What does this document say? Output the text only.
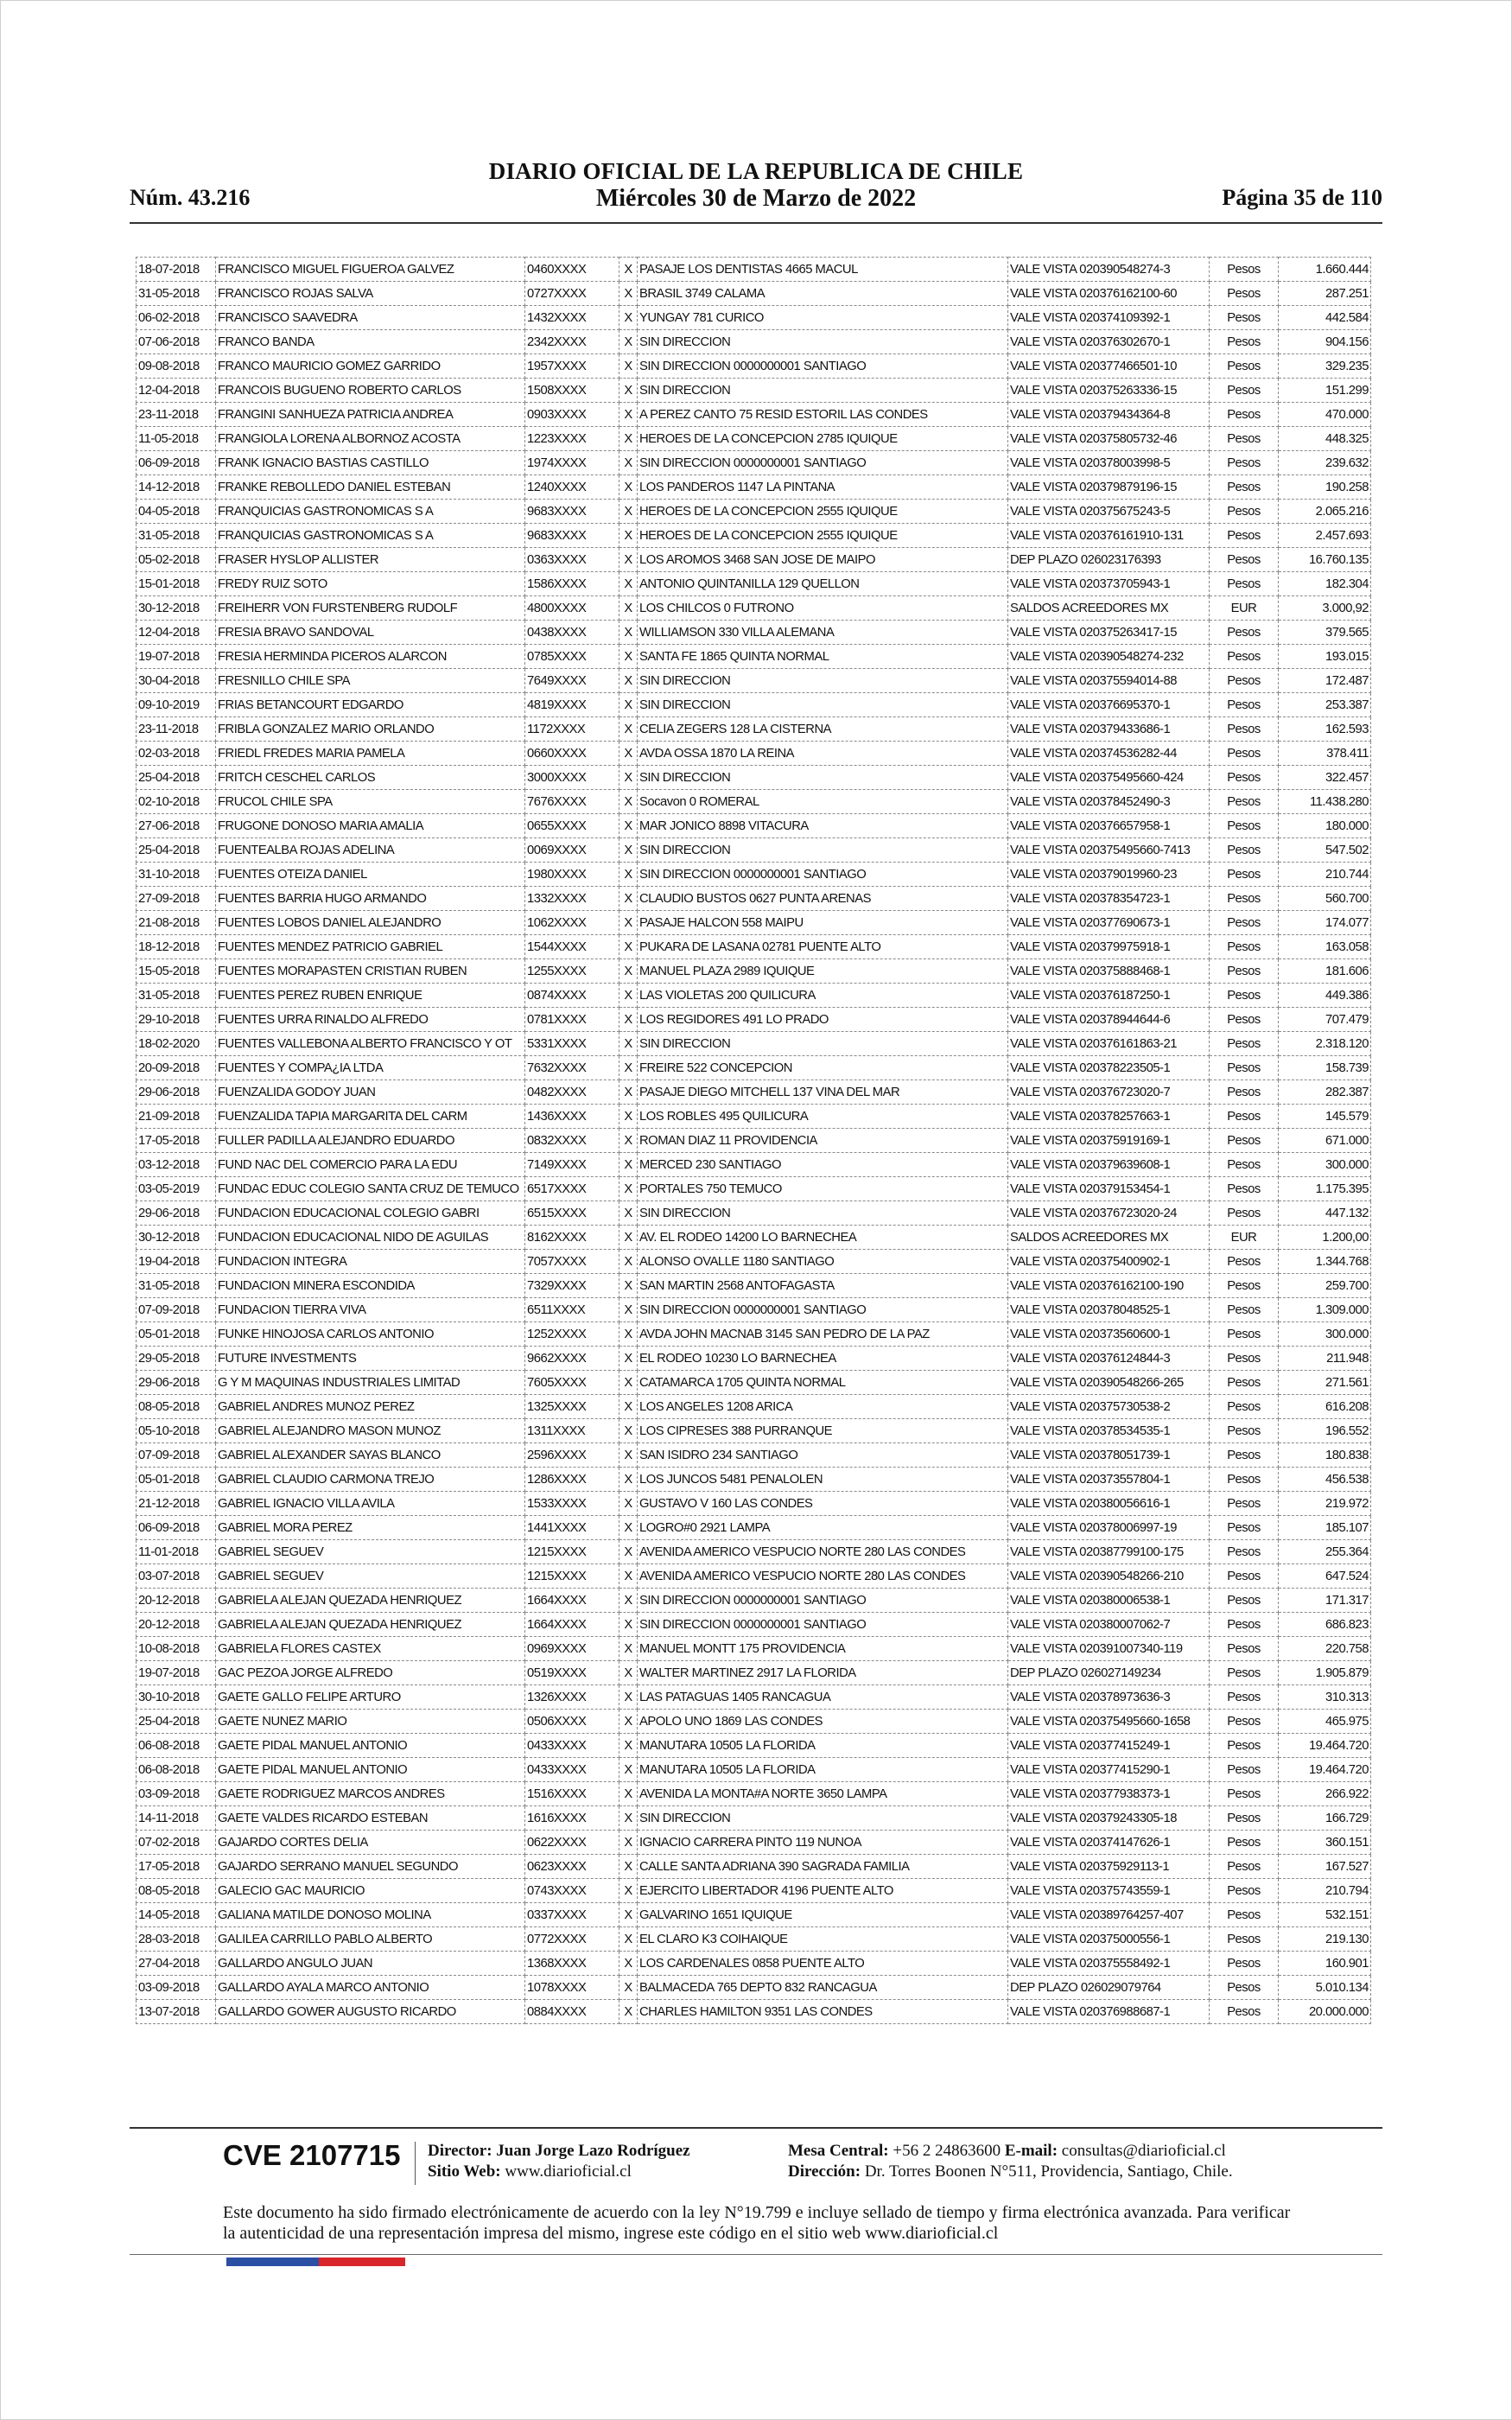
Núm. 43.216
DIARIO OFICIAL DE LA REPUBLICA DE CHILE
Miércoles 30 de Marzo de 2022	Página 35 de 110
18-07-2018	FRANCISCO MIGUEL FIGUEROA GALVEZ	0460XXXX	X	PASAJE LOS DENTISTAS 4665 MACUL	VALE VISTA 020390548274-3	Pesos	1.660.444
31-05-2018	FRANCISCO ROJAS SALVA	0727XXXX	X	BRASIL 3749 CALAMA	VALE VISTA 020376162100-60	Pesos	287.251
06-02-2018	FRANCISCO SAAVEDRA	1432XXXX	X	YUNGAY 781 CURICO	VALE VISTA 020374109392-1	Pesos	442.584
07-06-2018	FRANCO BANDA	2342XXXX	X	SIN DIRECCION	VALE VISTA 020376302670-1	Pesos	904.156
09-08-2018	FRANCO MAURICIO GOMEZ GARRIDO	1957XXXX	X	SIN DIRECCION 0000000001 SANTIAGO	VALE VISTA 020377466501-10	Pesos	329.235
12-04-2018	FRANCOIS BUGUENO ROBERTO CARLOS	1508XXXX	X	SIN DIRECCION	VALE VISTA 020375263336-15	Pesos	151.299
23-11-2018	FRANGINI SANHUEZA PATRICIA ANDREA	0903XXXX	X	A PEREZ CANTO 75 RESID ESTORIL LAS CONDES	VALE VISTA 020379434364-8	Pesos	470.000
11-05-2018	FRANGIOLA LORENA ALBORNOZ ACOSTA	1223XXXX	X	HEROES DE LA CONCEPCION 2785 IQUIQUE	VALE VISTA 020375805732-46	Pesos	448.325
06-09-2018	FRANK IGNACIO BASTIAS CASTILLO	1974XXXX	X	SIN DIRECCION 0000000001 SANTIAGO	VALE VISTA 020378003998-5	Pesos	239.632
14-12-2018	FRANKE REBOLLEDO DANIEL ESTEBAN	1240XXXX	X	LOS PANDEROS 1147 LA PINTANA	VALE VISTA 020379879196-15	Pesos	190.258
04-05-2018	FRANQUICIAS GASTRONOMICAS S A	9683XXXX	X	HEROES DE LA CONCEPCION 2555 IQUIQUE	VALE VISTA 020375675243-5	Pesos	2.065.216
31-05-2018	FRANQUICIAS GASTRONOMICAS S A	9683XXXX	X	HEROES DE LA CONCEPCION 2555 IQUIQUE	VALE VISTA 020376161910-131	Pesos	2.457.693
05-02-2018	FRASER HYSLOP ALLISTER	0363XXXX	X	LOS AROMOS 3468 SAN JOSE DE MAIPO	DEP PLAZO 026023176393	Pesos	16.760.135
15-01-2018	FREDY RUIZ SOTO	1586XXXX	X	ANTONIO QUINTANILLA 129 QUELLON	VALE VISTA 020373705943-1	Pesos	182.304
30-12-2018	FREIHERR VON FURSTENBERG RUDOLF	4800XXXX	X	LOS CHILCOS 0 FUTRONO	SALDOS ACREEDORES MX	EUR	3.000,92
12-04-2018	FRESIA BRAVO SANDOVAL	0438XXXX	X	WILLIAMSON 330 VILLA ALEMANA	VALE VISTA 020375263417-15	Pesos	379.565
19-07-2018	FRESIA HERMINDA PICEROS ALARCON	0785XXXX	X	SANTA FE 1865 QUINTA NORMAL	VALE VISTA 020390548274-232	Pesos	193.015
30-04-2018	FRESNILLO CHILE SPA	7649XXXX	X	SIN DIRECCION	VALE VISTA 020375594014-88	Pesos	172.487
09-10-2019	FRIAS BETANCOURT EDGARDO	4819XXXX	X	SIN DIRECCION	VALE VISTA 020376695370-1	Pesos	253.387
23-11-2018	FRIBLA GONZALEZ MARIO ORLANDO	1172XXXX	X	CELIA ZEGERS 128 LA CISTERNA	VALE VISTA 020379433686-1	Pesos	162.593
02-03-2018	FRIEDL FREDES MARIA PAMELA	0660XXXX	X	AVDA OSSA 1870 LA REINA	VALE VISTA 020374536282-44	Pesos	378.411
25-04-2018	FRITCH CESCHEL CARLOS	3000XXXX	X	SIN DIRECCION	VALE VISTA 020375495660-424	Pesos	322.457
02-10-2018	FRUCOL CHILE SPA	7676XXXX	X	Socavon 0 ROMERAL	VALE VISTA 020378452490-3	Pesos	11.438.280
27-06-2018	FRUGONE DONOSO MARIA AMALIA	0655XXXX	X	MAR JONICO 8898 VITACURA	VALE VISTA 020376657958-1	Pesos	180.000
25-04-2018	FUENTEALBA ROJAS ADELINA	0069XXXX	X	SIN DIRECCION	VALE VISTA 020375495660-7413	Pesos	547.502
31-10-2018	FUENTES OTEIZA DANIEL	1980XXXX	X	SIN DIRECCION 0000000001 SANTIAGO	VALE VISTA 020379019960-23	Pesos	210.744
27-09-2018	FUENTES BARRIA HUGO ARMANDO	1332XXXX	X	CLAUDIO BUSTOS 0627 PUNTA ARENAS	VALE VISTA 020378354723-1	Pesos	560.700
21-08-2018	FUENTES LOBOS DANIEL ALEJANDRO	1062XXXX	X	PASAJE HALCON 558 MAIPU	VALE VISTA 020377690673-1	Pesos	174.077
18-12-2018	FUENTES MENDEZ PATRICIO GABRIEL	1544XXXX	X	PUKARA DE LASANA 02781 PUENTE ALTO	VALE VISTA 020379975918-1	Pesos	163.058
15-05-2018	FUENTES MORAPASTEN CRISTIAN RUBEN	1255XXXX	X	MANUEL PLAZA 2989 IQUIQUE	VALE VISTA 020375888468-1	Pesos	181.606
31-05-2018	FUENTES PEREZ RUBEN ENRIQUE	0874XXXX	X	LAS VIOLETAS 200 QUILICURA	VALE VISTA 020376187250-1	Pesos	449.386
29-10-2018	FUENTES URRA RINALDO ALFREDO	0781XXXX	X	LOS REGIDORES 491 LO PRADO	VALE VISTA 020378944644-6	Pesos	707.479
18-02-2020	FUENTES VALLEBONA ALBERTO FRANCISCO Y OT	5331XXXX	X	SIN DIRECCION	VALE VISTA 020376161863-21	Pesos	2.318.120
20-09-2018	FUENTES Y COMPA¿IA LTDA	7632XXXX	X	FREIRE 522 CONCEPCION	VALE VISTA 020378223505-1	Pesos	158.739
29-06-2018	FUENZALIDA GODOY JUAN	0482XXXX	X	PASAJE DIEGO MITCHELL 137 VINA DEL MAR	VALE VISTA 020376723020-7	Pesos	282.387
21-09-2018	FUENZALIDA TAPIA MARGARITA DEL CARM	1436XXXX	X	LOS ROBLES 495 QUILICURA	VALE VISTA 020378257663-1	Pesos	145.579
17-05-2018	FULLER PADILLA ALEJANDRO EDUARDO	0832XXXX	X	ROMAN DIAZ 11 PROVIDENCIA	VALE VISTA 020375919169-1	Pesos	671.000
03-12-2018	FUND NAC DEL COMERCIO PARA LA EDU	7149XXXX	X	MERCED 230 SANTIAGO	VALE VISTA 020379639608-1	Pesos	300.000
03-05-2019	FUNDAC EDUC COLEGIO SANTA CRUZ DE TEMUCO	6517XXXX	X	PORTALES 750 TEMUCO	VALE VISTA 020379153454-1	Pesos	1.175.395
29-06-2018	FUNDACION EDUCACIONAL COLEGIO GABRI	6515XXXX	X	SIN DIRECCION	VALE VISTA 020376723020-24	Pesos	447.132
30-12-2018	FUNDACION EDUCACIONAL NIDO DE AGUILAS	8162XXXX	X	AV. EL RODEO 14200 LO BARNECHEA	SALDOS ACREEDORES MX	EUR	1.200,00
19-04-2018	FUNDACION INTEGRA	7057XXXX	X	ALONSO OVALLE 1180 SANTIAGO	VALE VISTA 020375400902-1	Pesos	1.344.768
31-05-2018	FUNDACION MINERA ESCONDIDA	7329XXXX	X	SAN MARTIN 2568 ANTOFAGASTA	VALE VISTA 020376162100-190	Pesos	259.700
07-09-2018	FUNDACION TIERRA VIVA	6511XXXX	X	SIN DIRECCION 0000000001 SANTIAGO	VALE VISTA 020378048525-1	Pesos	1.309.000
05-01-2018	FUNKE HINOJOSA CARLOS ANTONIO	1252XXXX	X	AVDA JOHN MACNAB 3145 SAN PEDRO DE LA PAZ	VALE VISTA 020373560600-1	Pesos	300.000
29-05-2018	FUTURE INVESTMENTS	9662XXXX	X	EL RODEO 10230 LO BARNECHEA	VALE VISTA 020376124844-3	Pesos	211.948
29-06-2018	G Y M MAQUINAS INDUSTRIALES LIMITAD	7605XXXX	X	CATAMARCA 1705 QUINTA NORMAL	VALE VISTA 020390548266-265	Pesos	271.561
08-05-2018	GABRIEL ANDRES MUNOZ PEREZ	1325XXXX	X	LOS ANGELES 1208 ARICA	VALE VISTA 020375730538-2	Pesos	616.208
05-10-2018	GABRIEL ALEJANDRO MASON MUNOZ	1311XXXX	X	LOS CIPRESES 388 PURRANQUE	VALE VISTA 020378534535-1	Pesos	196.552
07-09-2018	GABRIEL ALEXANDER SAYAS BLANCO	2596XXXX	X	SAN ISIDRO 234 SANTIAGO	VALE VISTA 020378051739-1	Pesos	180.838
05-01-2018	GABRIEL CLAUDIO CARMONA TREJO	1286XXXX	X	LOS JUNCOS 5481 PENALOLEN	VALE VISTA 020373557804-1	Pesos	456.538
21-12-2018	GABRIEL IGNACIO VILLA AVILA	1533XXXX	X	GUSTAVO V 160 LAS CONDES	VALE VISTA 020380056616-1	Pesos	219.972
06-09-2018	GABRIEL MORA PEREZ	1441XXXX	X	LOGRO#0 2921 LAMPA	VALE VISTA 020378006997-19	Pesos	185.107
11-01-2018	GABRIEL SEGUEV	1215XXXX	X	AVENIDA AMERICO VESPUCIO NORTE 280 LAS CONDES	VALE VISTA 020387799100-175	Pesos	255.364
03-07-2018	GABRIEL SEGUEV	1215XXXX	X	AVENIDA AMERICO VESPUCIO NORTE 280 LAS CONDES	VALE VISTA 020390548266-210	Pesos	647.524
20-12-2018	GABRIELA ALEJAN QUEZADA HENRIQUEZ	1664XXXX	X	SIN DIRECCION 0000000001 SANTIAGO	VALE VISTA 020380006538-1	Pesos	171.317
20-12-2018	GABRIELA ALEJAN QUEZADA HENRIQUEZ	1664XXXX	X	SIN DIRECCION 0000000001 SANTIAGO	VALE VISTA 020380007062-7	Pesos	686.823
10-08-2018	GABRIELA FLORES CASTEX	0969XXXX	X	MANUEL MONTT 175 PROVIDENCIA	VALE VISTA 020391007340-119	Pesos	220.758
19-07-2018	GAC PEZOA JORGE ALFREDO	0519XXXX	X	WALTER MARTINEZ 2917 LA FLORIDA	DEP PLAZO 026027149234	Pesos	1.905.879
30-10-2018	GAETE GALLO FELIPE ARTURO	1326XXXX	X	LAS PATAGUAS 1405 RANCAGUA	VALE VISTA 020378973636-3	Pesos	310.313
25-04-2018	GAETE NUNEZ MARIO	0506XXXX	X	APOLO UNO 1869 LAS CONDES	VALE VISTA 020375495660-1658	Pesos	465.975
06-08-2018	GAETE PIDAL MANUEL ANTONIO	0433XXXX	X	MANUTARA 10505 LA FLORIDA	VALE VISTA 020377415249-1	Pesos	19.464.720
06-08-2018	GAETE PIDAL MANUEL ANTONIO	0433XXXX	X	MANUTARA 10505 LA FLORIDA	VALE VISTA 020377415290-1	Pesos	19.464.720
03-09-2018	GAETE RODRIGUEZ MARCOS ANDRES	1516XXXX	X	AVENIDA LA MONTA#A NORTE 3650 LAMPA	VALE VISTA 020377938373-1	Pesos	266.922
14-11-2018	GAETE VALDES RICARDO ESTEBAN	1616XXXX	X	SIN DIRECCION	VALE VISTA 020379243305-18	Pesos	166.729
07-02-2018	GAJARDO CORTES DELIA	0622XXXX	X	IGNACIO CARRERA PINTO 119 NUNOA	VALE VISTA 020374147626-1	Pesos	360.151
17-05-2018	GAJARDO SERRANO MANUEL SEGUNDO	0623XXXX	X	CALLE SANTA ADRIANA 390 SAGRADA FAMILIA	VALE VISTA 020375929113-1	Pesos	167.527
08-05-2018	GALECIO GAC MAURICIO	0743XXXX	X	EJERCITO LIBERTADOR 4196 PUENTE ALTO	VALE VISTA 020375743559-1	Pesos	210.794
14-05-2018	GALIANA MATILDE DONOSO MOLINA	0337XXXX	X	GALVARINO 1651 IQUIQUE	VALE VISTA 020389764257-407	Pesos	532.151
28-03-2018	GALILEA CARRILLO PABLO ALBERTO	0772XXXX	X	EL CLARO K3 COIHAIQUE	VALE VISTA 020375000556-1	Pesos	219.130
27-04-2018	GALLARDO ANGULO JUAN	1368XXXX	X	LOS CARDENALES 0858 PUENTE ALTO	VALE VISTA 020375558492-1	Pesos	160.901
03-09-2018	GALLARDO AYALA MARCO ANTONIO	1078XXXX	X	BALMACEDA 765 DEPTO 832 RANCAGUA	DEP PLAZO 026029079764	Pesos	5.010.134
13-07-2018	GALLARDO GOWER AUGUSTO RICARDO	0884XXXX	X	CHARLES HAMILTON 9351 LAS CONDES	VALE VISTA 020376988687-1	Pesos	20.000.000
CVE 2107715 Director: Juan Jorge Lazo Rodríguez
Sitio Web: www.diarioficial.cl
Mesa Central: +56 2 24863600 E-mail: consultas@diarioficial.cl
Dirección: Dr. Torres Boonen N°511, Providencia, Santiago, Chile.
Este documento ha sido firmado electrónicamente de acuerdo con la ley N°19.799 e incluye sellado de tiempo y firma electrónica avanzada. Para verificar la autenticidad de una representación impresa del mismo, ingrese este código en el sitio web www.diarioficial.cl
